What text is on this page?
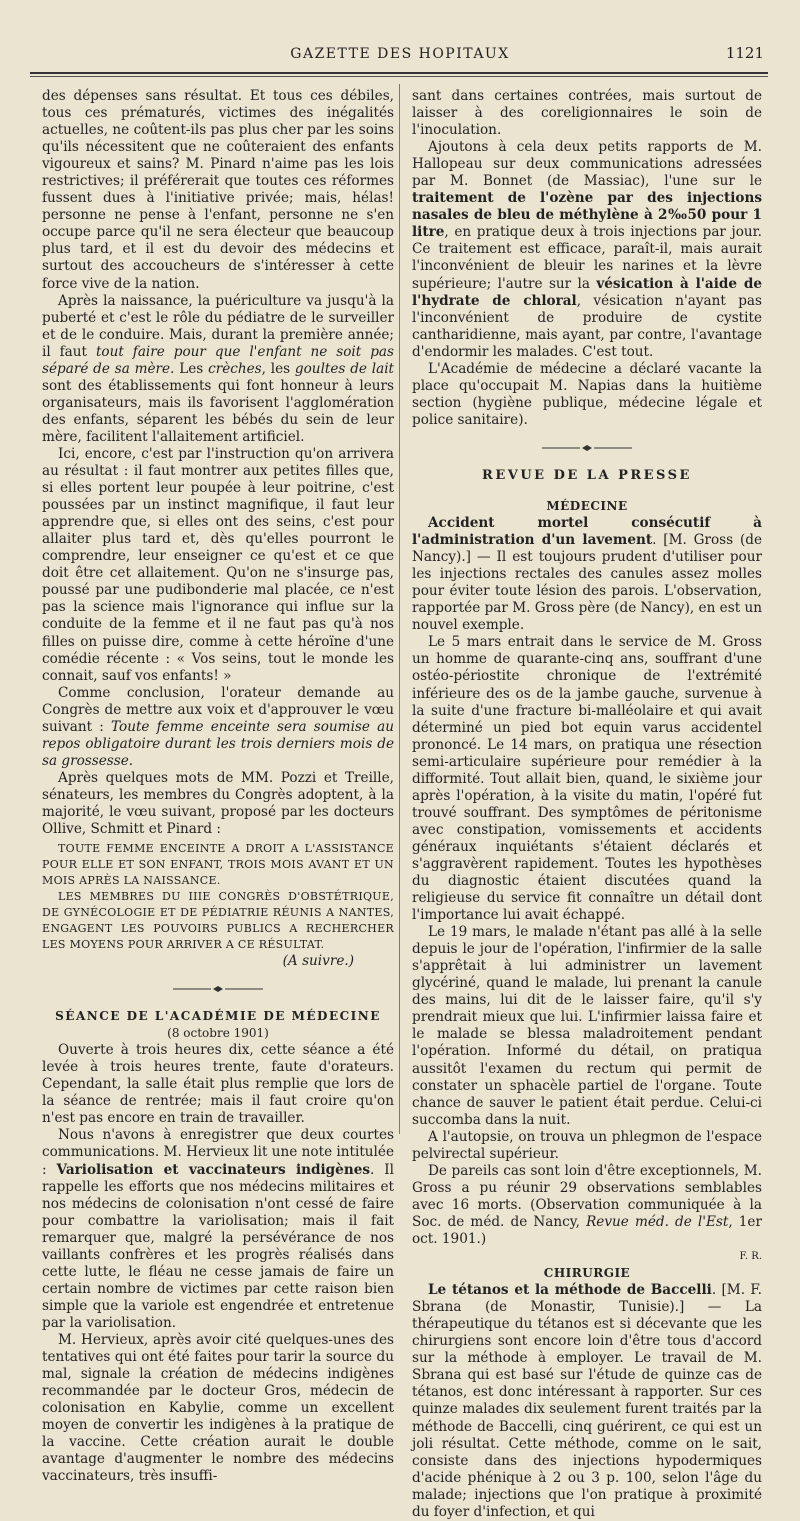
GAZETTE DES HOPITAUX	1121

des dépenses sans résultat. Et tous ces débiles, tous ces prématurés, victimes des inégalités actuelles, ne coûtent-ils pas plus cher par les soins qu'ils nécessitent que ne coûteraient des enfants vigoureux et sains? M. Pinard n'aime pas les lois restrictives; il préférerait que toutes ces réformes fussent dues à l'initiative privée; mais, hélas! personne ne pense à l'enfant, personne ne s'en occupe parce qu'il ne sera électeur que beaucoup plus tard, et il est du devoir des médecins et surtout des accoucheurs de s'intéresser à cette force vive de la nation.

Après la naissance, la puériculture va jusqu'à la puberté et c'est le rôle du pédiatre de le surveiller et de le conduire. Mais, durant la première année; il faut tout faire pour que l'enfant ne soit pas séparé de sa mère. Les crèches, les goultes de lait sont des établissements qui font honneur à leurs organisateurs, mais ils favorisent l'agglomération des enfants, séparent les bébés du sein de leur mère, facilitent l'allaitement artificiel.

Ici, encore, c'est par l'instruction qu'on arrivera au résultat : il faut montrer aux petites filles que, si elles portent leur poupée à leur poitrine, c'est poussées par un instinct magnifique, il faut leur apprendre que, si elles ont des seins, c'est pour allaiter plus tard et, dès qu'elles pourront le comprendre, leur enseigner ce qu'est et ce que doit être cet allaitement. Qu'on ne s'insurge pas, poussé par une pudibonderie mal placée, ce n'est pas la science mais l'ignorance qui influe sur la conduite de la femme et il ne faut pas qu'à nos filles on puisse dire, comme à cette héroïne d'une comédie récente : « Vos seins, tout le monde les connait, sauf vos enfants! »

Comme conclusion, l'orateur demande au Congrès de mettre aux voix et d'approuver le vœu suivant : Toute femme enceinte sera soumise au repos obligatoire durant les trois derniers mois de sa grossesse.

Après quelques mots de MM. Pozzi et Treille, sénateurs, les membres du Congrès adoptent, à la majorité, le vœu suivant, proposé par les docteurs Ollive, Schmitt et Pinard :

TOUTE FEMME ENCEINTE A DROIT A L'ASSISTANCE POUR ELLE ET SON ENFANT, TROIS MOIS AVANT ET UN MOIS APRÈS LA NAISSANCE.

LES MEMBRES DU IIIE CONGRÈS D'OBSTÉTRIQUE, DE GYNÉCOLOGIE ET DE PÉDIATRIE RÉUNIS A NANTES, ENGAGENT LES POUVOIRS PUBLICS A RECHERCHER LES MOYENS POUR ARRIVER A CE RÉSULTAT.

(A suivre.)

SÉANCE DE L'ACADÉMIE DE MÉDECINE

(8 octobre 1901)

Ouverte à trois heures dix, cette séance a été levée à trois heures trente, faute d'orateurs. Cependant, la salle était plus remplie que lors de la séance de rentrée; mais il faut croire qu'on n'est pas encore en train de travailler.

Nous n'avons à enregistrer que deux courtes communications. M. Hervieux lit une note intitulée : Variolisation et vaccinateurs indigènes. Il rappelle les efforts que nos médecins militaires et nos médecins de colonisation n'ont cessé de faire pour combattre la variolisation; mais il fait remarquer que, malgré la persévérance de nos vaillants confrères et les progrès réalisés dans cette lutte, le fléau ne cesse jamais de faire un certain nombre de victimes par cette raison bien simple que la variole est engendrée et entretenue par la variolisation.

M. Hervieux, après avoir cité quelques-unes des tentatives qui ont été faites pour tarir la source du mal, signale la création de médecins indigènes recommandée par le docteur Gros, médecin de colonisation en Kabylie, comme un excellent moyen de convertir les indigènes à la pratique de la vaccine. Cette création aurait le double avantage d'augmenter le nombre des médecins vaccinateurs, très insuffi-

sant dans certaines contrées, mais surtout de laisser à des coreligionnaires le soin de l'inoculation.

Ajoutons à cela deux petits rapports de M. Hallopeau sur deux communications adressées par M. Bonnet (de Massiac), l'une sur le traitement de l'ozène par des injections nasales de bleu de méthylène à 2‰50 pour 1 litre, en pratique deux à trois injections par jour. Ce traitement est efficace, paraît-il, mais aurait l'inconvénient de bleuir les narines et la lèvre supérieure; l'autre sur la vésication à l'aide de l'hydrate de chloral, vésication n'ayant pas l'inconvénient de produire de cystite cantharidienne, mais ayant, par contre, l'avantage d'endormir les malades. C'est tout.

L'Académie de médecine a déclaré vacante la place qu'occupait M. Napias dans la huitième section (hygiène publique, médecine légale et police sanitaire).

REVUE DE LA PRESSE

MÉDECINE

Accident mortel consécutif à l'administration d'un lavement. [M. Gross (de Nancy).] — Il est toujours prudent d'utiliser pour les injections rectales des canules assez molles pour éviter toute lésion des parois. L'observation, rapportée par M. Gross père (de Nancy), en est un nouvel exemple.

Le 5 mars entrait dans le service de M. Gross un homme de quarante-cinq ans, souffrant d'une ostéo-périostite chronique de l'extrémité inférieure des os de la jambe gauche, survenue à la suite d'une fracture bi-malléolaire et qui avait déterminé un pied bot equin varus accidentel prononcé. Le 14 mars, on pratiqua une résection semi-articulaire supérieure pour remédier à la difformité. Tout allait bien, quand, le sixième jour après l'opération, à la visite du matin, l'opéré fut trouvé souffrant. Des symptômes de péritonisme avec constipation, vomissements et accidents généraux inquiétants s'étaient déclarés et s'aggravèrent rapidement. Toutes les hypothèses du diagnostic étaient discutées quand la religieuse du service fit connaître un détail dont l'importance lui avait échappé.

Le 19 mars, le malade n'étant pas allé à la selle depuis le jour de l'opération, l'infirmier de la salle s'apprêtait à lui administrer un lavement glycériné, quand le malade, lui prenant la canule des mains, lui dit de le laisser faire, qu'il s'y prendrait mieux que lui. L'infirmier laissa faire et le malade se blessa maladroitement pendant l'opération. Informé du détail, on pratiqua aussitôt l'examen du rectum qui permit de constater un sphacèle partiel de l'organe. Toute chance de sauver le patient était perdue. Celui-ci succomba dans la nuit.

A l'autopsie, on trouva un phlegmon de l'espace pelvirectal supérieur.

De pareils cas sont loin d'être exceptionnels, M. Gross a pu réunir 29 observations semblables avec 16 morts. (Observation communiquée à la Soc. de méd. de Nancy, Revue méd. de l'Est, 1er oct. 1901.)

F. R.

CHIRURGIE

Le tétanos et la méthode de Baccelli. [M. F. Sbrana (de Monastir, Tunisie).] — La thérapeutique du tétanos est si décevante que les chirurgiens sont encore loin d'être tous d'accord sur la méthode à employer. Le travail de M. Sbrana qui est basé sur l'étude de quinze cas de tétanos, est donc intéressant à rapporter. Sur ces quinze malades dix seulement furent traités par la méthode de Baccelli, cinq guérirent, ce qui est un joli résultat. Cette méthode, comme on le sait, consiste dans des injections hypodermiques d'acide phénique à 2 ou 3 p. 100, selon l'âge du malade; injections que l'on pratique à proximité du foyer d'infection, et qui
